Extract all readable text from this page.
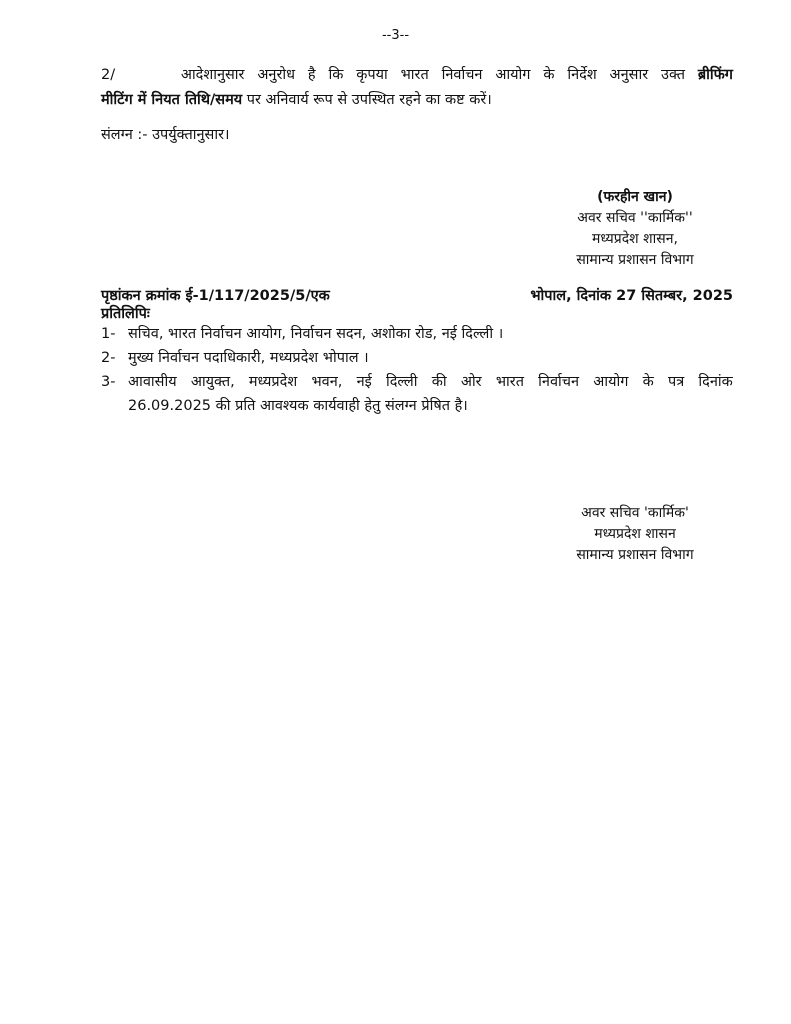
--3--
2/	आदेशानुसार अनुरोध है कि कृपया भारत निर्वाचन आयोग के निर्देश अनुसार उक्त ब्रीफिंग
मीटिंग में नियत तिथि/समय पर अनिवार्य रूप से उपस्थित रहने का कष्ट करें।
संलग्न :- उपर्युक्तानुसार।
(फरहीन खान)
अवर सचिव ''कार्मिक''
मध्यप्रदेश शासन,
सामान्य प्रशासन विभाग
पृष्ठांकन क्रमांक ई-1/117/2025/5/एक	भोपाल, दिनांक 27 सितम्बर, 2025
प्रतिलिपिः
1- सचिव, भारत निर्वाचन आयोग, निर्वाचन सदन, अशोका रोड, नई दिल्ली ।
2- मुख्य निर्वाचन पदाधिकारी, मध्यप्रदेश भोपाल ।
3- आवासीय आयुक्त, मध्यप्रदेश भवन, नई दिल्ली की ओर भारत निर्वाचन आयोग के पत्र दिनांक
26.09.2025 की प्रति आवश्यक कार्यवाही हेतु संलग्न प्रेषित है।
अवर सचिव 'कार्मिक'
मध्यप्रदेश शासन
सामान्य प्रशासन विभाग
